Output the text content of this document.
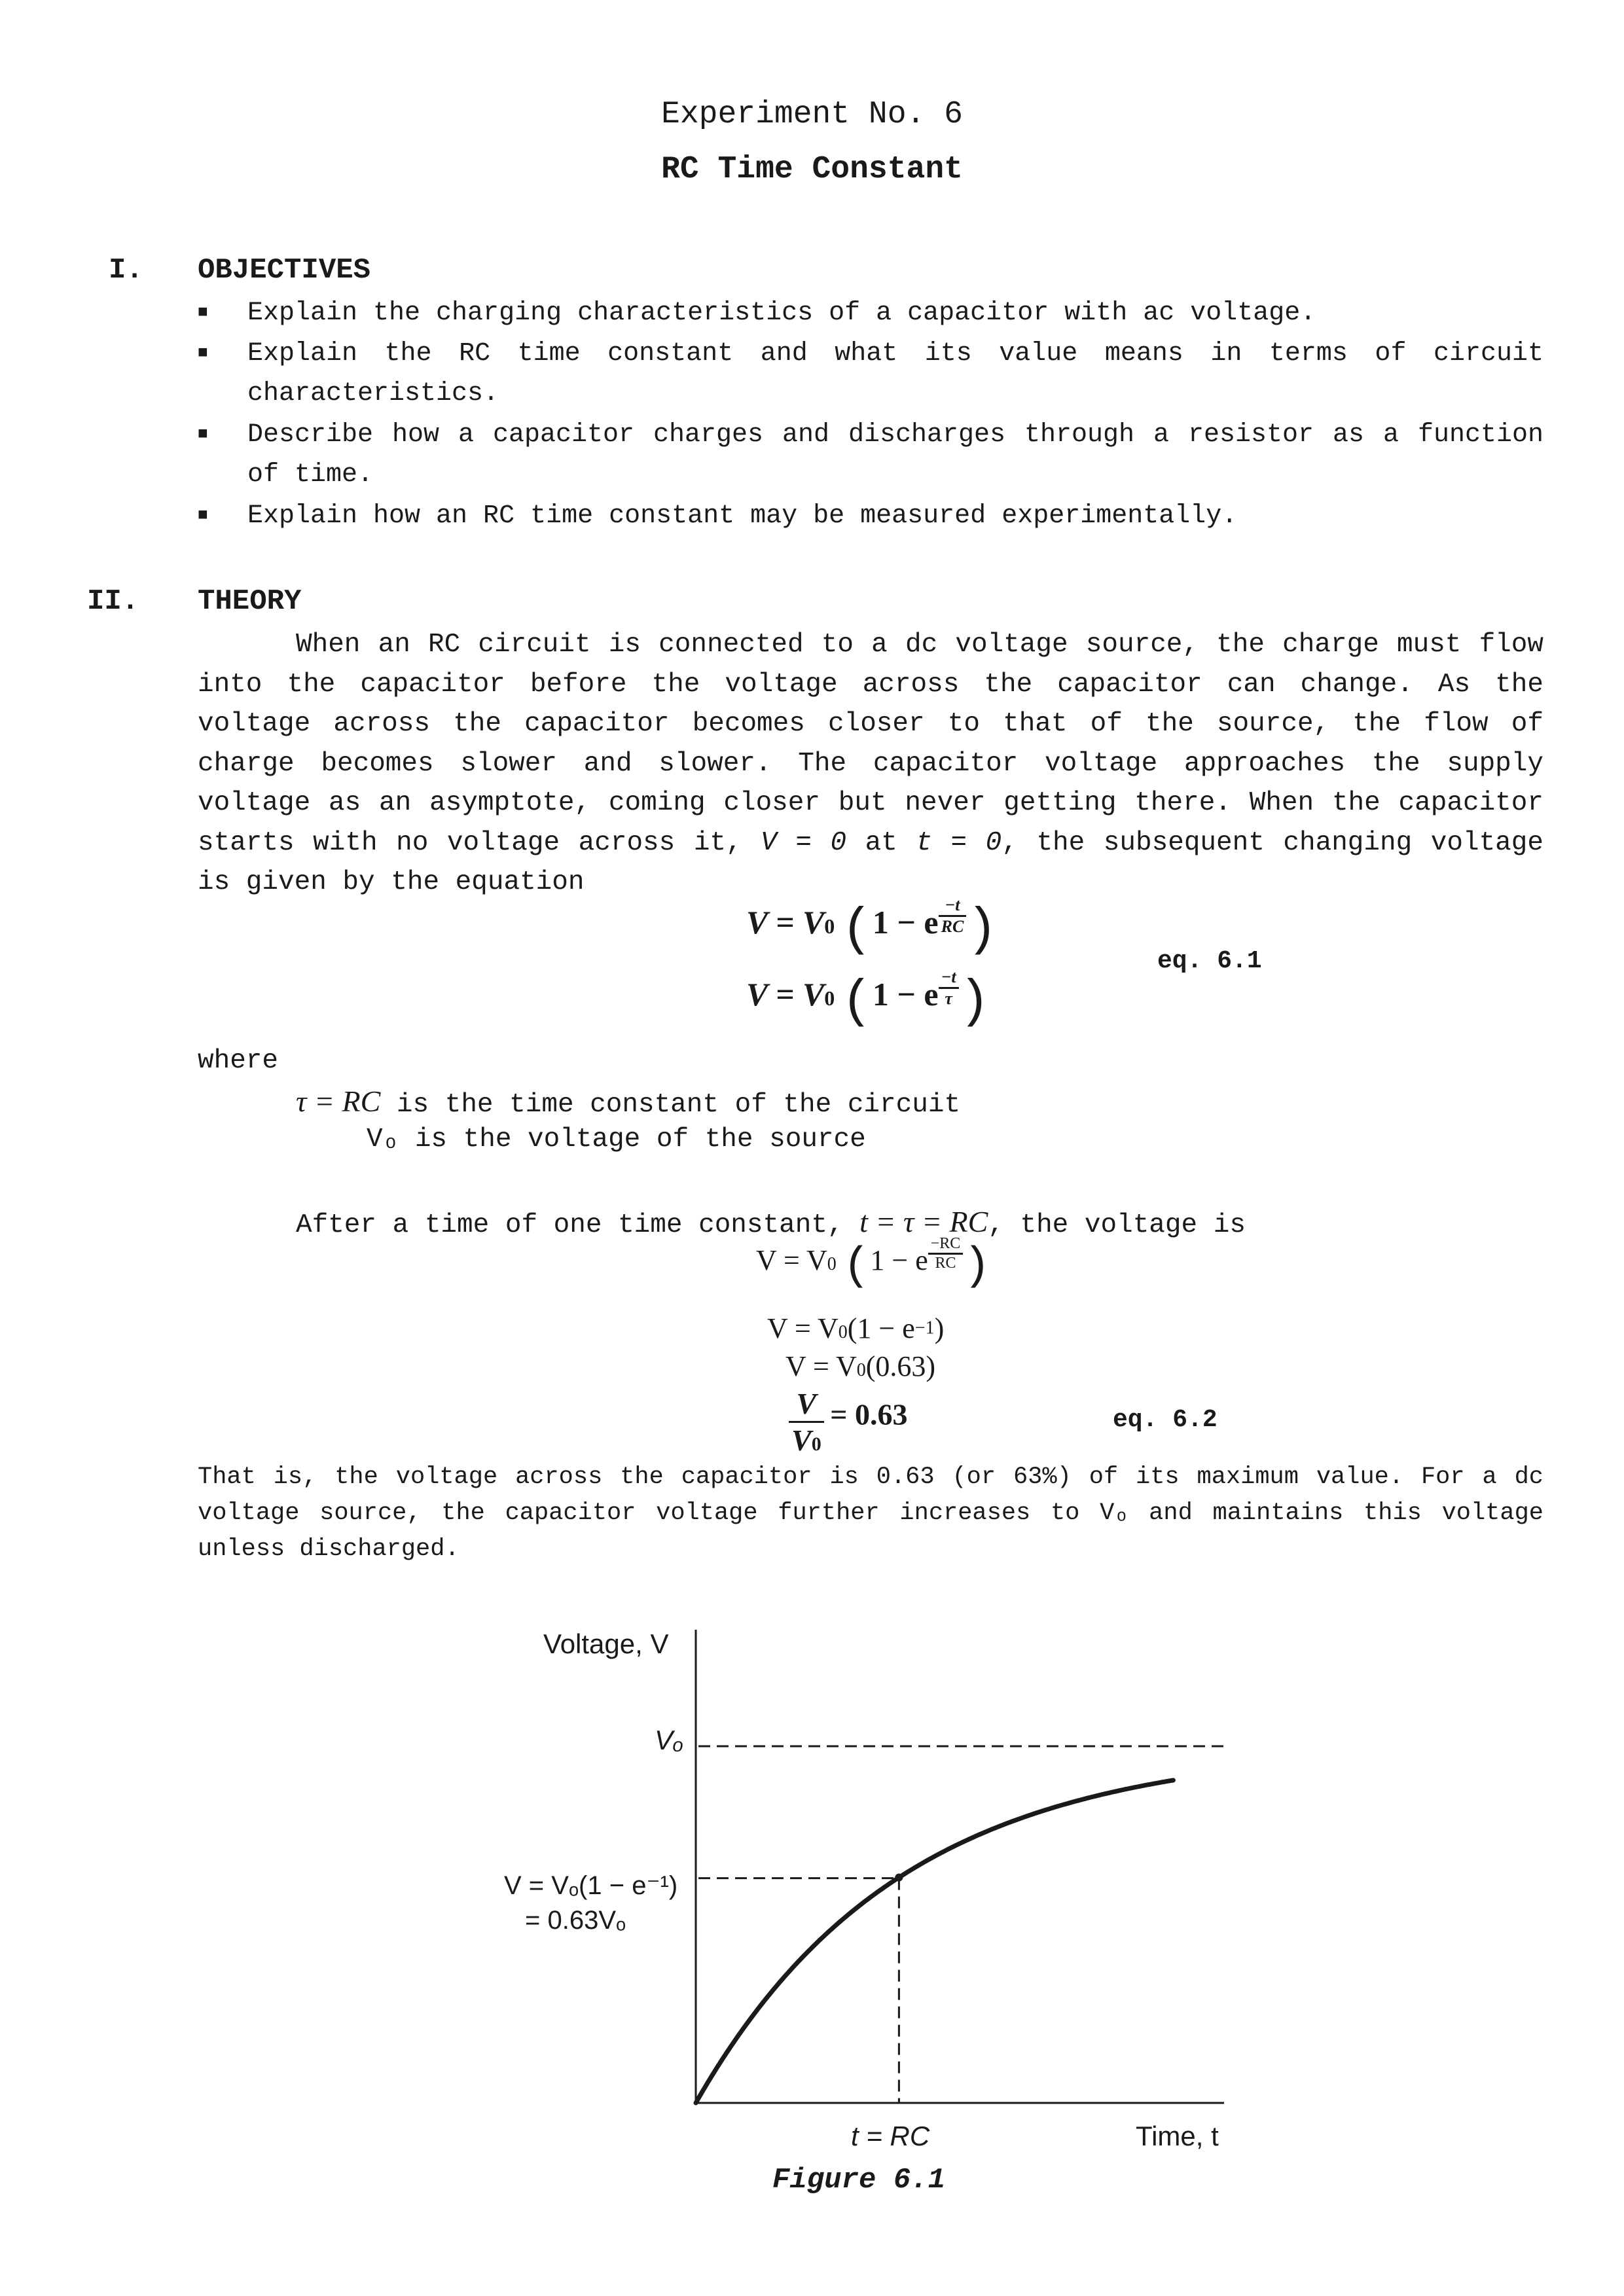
Experiment No. 6
RC Time Constant
I. OBJECTIVES
■ Explain the charging characteristics of a capacitor with ac voltage.
■ Explain the RC time constant and what its value means in terms of circuit characteristics.
■ Describe how a capacitor charges and discharges through a resistor as a function of time.
■ Explain how an RC time constant may be measured experimentally.
II. THEORY
When an RC circuit is connected to a dc voltage source, the charge must flow into the capacitor before the voltage across the capacitor can change. As the voltage across the capacitor becomes closer to that of the source, the flow of charge becomes slower and slower. The capacitor voltage approaches the supply voltage as an asymptote, coming closer but never getting there. When the capacitor starts with no voltage across it, V = 0 at t = 0, the subsequent changing voltage is given by the equation
V = V0 (1 − e $\frac{-t}{RC}$ )
V = V0 (1 − e $\frac{-t}{\tau}$ )
eq. 6.1
where
τ = RC is the time constant of the circuit
Vₒ is the voltage of the source
After a time of one time constant, t = τ = RC, the voltage is
V = V0 (1 − e $\frac{-RC}{RC}$ )
$V = V0(1 - e^{-1})$
V = V0(0.63)
$\frac{V}{V0} = 0.63$	eq. 6.2
That is, the voltage across the capacitor is 0.63 (or 63%) of its maximum value. For a dc voltage source, the capacitor voltage further increases to Vₒ and maintains this voltage unless discharged.
Voltage, V
Time, t
Vₒ
V = Vₒ(1 − e⁻¹)
= 0.63Vₒ
t = RC
Figure 6.1
